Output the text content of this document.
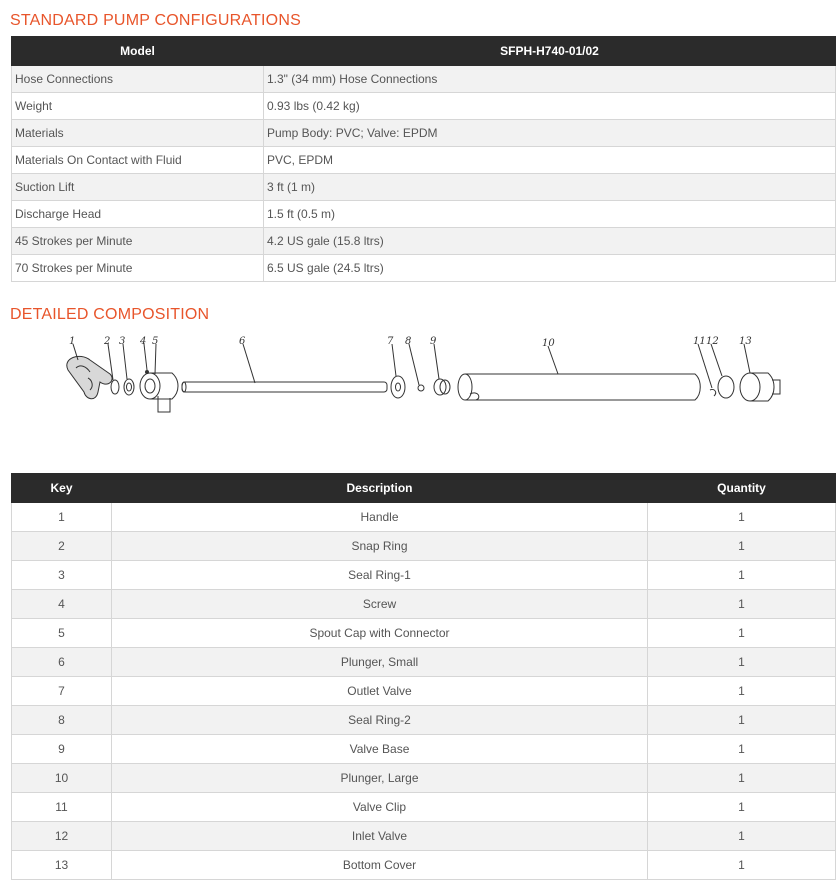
STANDARD PUMP CONFIGURATIONS
Model	SFPH-H740-01/02
Hose Connections	1.3" (34 mm) Hose Connections
Weight	0.93 lbs (0.42 kg)
Materials	Pump Body: PVC; Valve: EPDM
Materials On Contact with Fluid	PVC, EPDM
Suction Lift	3 ft (1 m)
Discharge Head	1.5 ft (0.5 m)
45 Strokes per Minute	4.2 US gale (15.8 ltrs)
70 Strokes per Minute	6.5 US gale (24.5 ltrs)
DETAILED COMPOSITION
1	2 3 4 5	6	7 8 9	10	11 12 13
Key	Description	Quantity
1	Handle	1
2	Snap Ring	1
3	Seal Ring-1	1
4	Screw	1
5	Spout Cap with Connector	1
6	Plunger, Small	1
7	Outlet Valve	1
8	Seal Ring-2	1
9	Valve Base	1
10	Plunger, Large	1
11	Valve Clip	1
12	Inlet Valve	1
13	Bottom Cover	1
